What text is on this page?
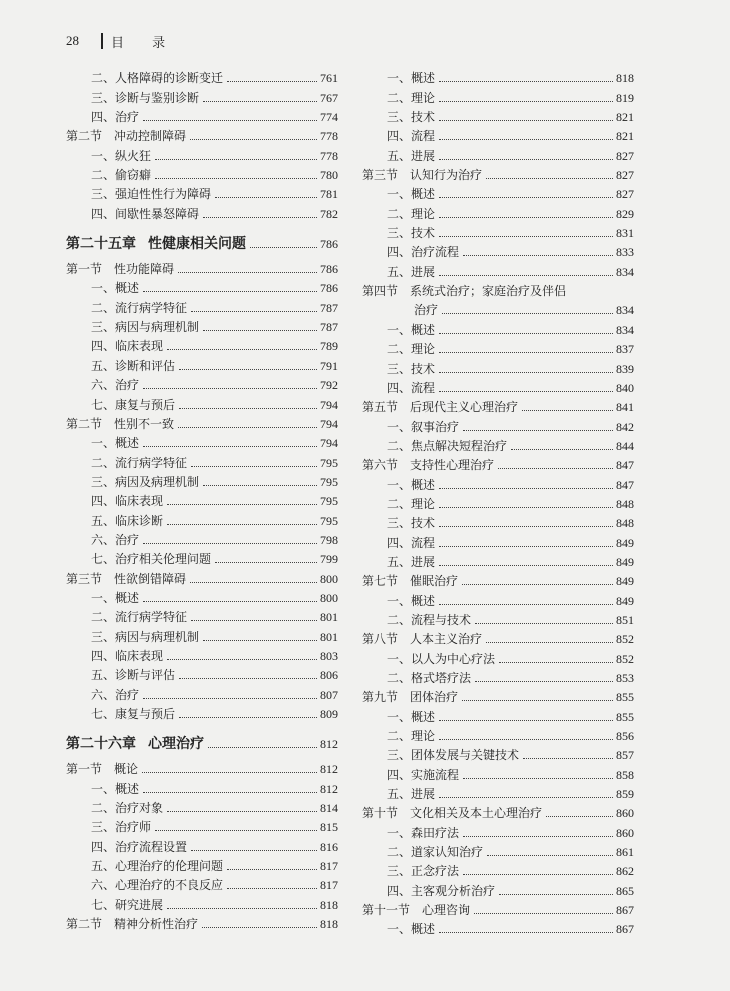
28 目 录
二、人格障碍的诊断变迁	761
三、诊断与鉴别诊断	767
四、治疗	774
第二节 冲动控制障碍	778
一、纵火狂	778
二、偷窃癖	780
三、强迫性性行为障碍	781
四、间歇性暴怒障碍	782
第二十五章 性健康相关问题	786
第一节 性功能障碍	786
一、概述	786
二、流行病学特征	787
三、病因与病理机制	787
四、临床表现	789
五、诊断和评估	791
六、治疗	792
七、康复与预后	794
第二节 性别不一致	794
一、概述	794
二、流行病学特征	795
三、病因及病理机制	795
四、临床表现	795
五、临床诊断	795
六、治疗	798
七、治疗相关伦理问题	799
第三节 性欲倒错障碍	800
一、概述	800
二、流行病学特征	801
三、病因与病理机制	801
四、临床表现	803
五、诊断与评估	806
六、治疗	807
七、康复与预后	809
第二十六章 心理治疗	812
第一节 概论	812
一、概述	812
二、治疗对象	814
三、治疗师	815
四、治疗流程设置	816
五、心理治疗的伦理问题	817
六、心理治疗的不良反应	817
七、研究进展	818
第二节 精神分析性治疗	818
一、概述	818
二、理论	819
三、技术	821
四、流程	821
五、进展	827
第三节 认知行为治疗	827
一、概述	827
二、理论	829
三、技术	831
四、治疗流程	833
五、进展	834
第四节 系统式治疗；家庭治疗及伴侣
治疗	834
一、概述	834
二、理论	837
三、技术	839
四、流程	840
第五节 后现代主义心理治疗	841
一、叙事治疗	842
二、焦点解决短程治疗	844
第六节 支持性心理治疗	847
一、概述	847
二、理论	848
三、技术	848
四、流程	849
五、进展	849
第七节 催眠治疗	849
一、概述	849
二、流程与技术	851
第八节 人本主义治疗	852
一、以人为中心疗法	852
二、格式塔疗法	853
第九节 团体治疗	855
一、概述	855
二、理论	856
三、团体发展与关键技术	857
四、实施流程	858
五、进展	859
第十节 文化相关及本土心理治疗	860
一、森田疗法	860
二、道家认知治疗	861
三、正念疗法	862
四、主客观分析治疗	865
第十一节 心理咨询	867
一、概述	867
